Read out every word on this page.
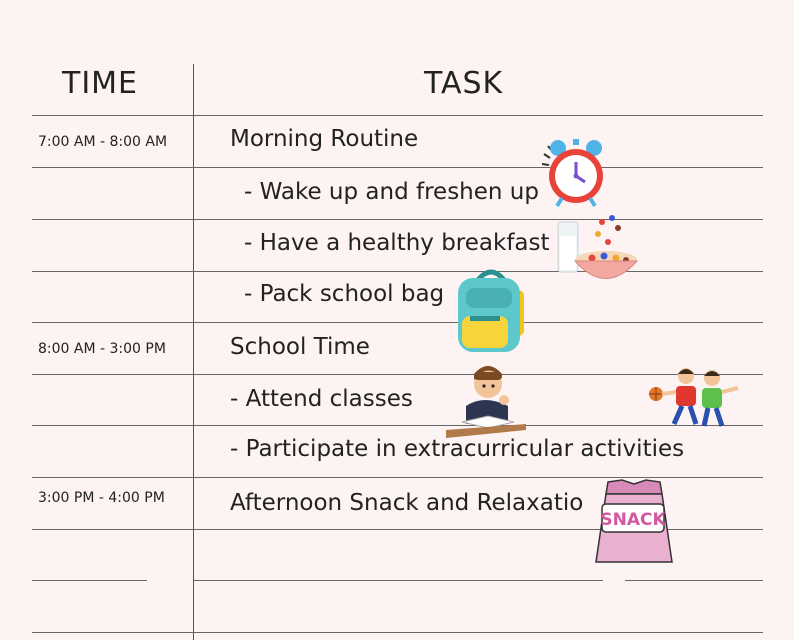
TIME	TASK
7:00 AM - 8:00 AM
8:00 AM - 3:00 PM
3:00 PM - 4:00 PM
Morning Routine
- Wake up and freshen up
- Have a healthy breakfast
- Pack school bag
School Time
- Attend classes
- Participate in extracurricular activities
Afternoon Snack and Relaxatio
SNACK
